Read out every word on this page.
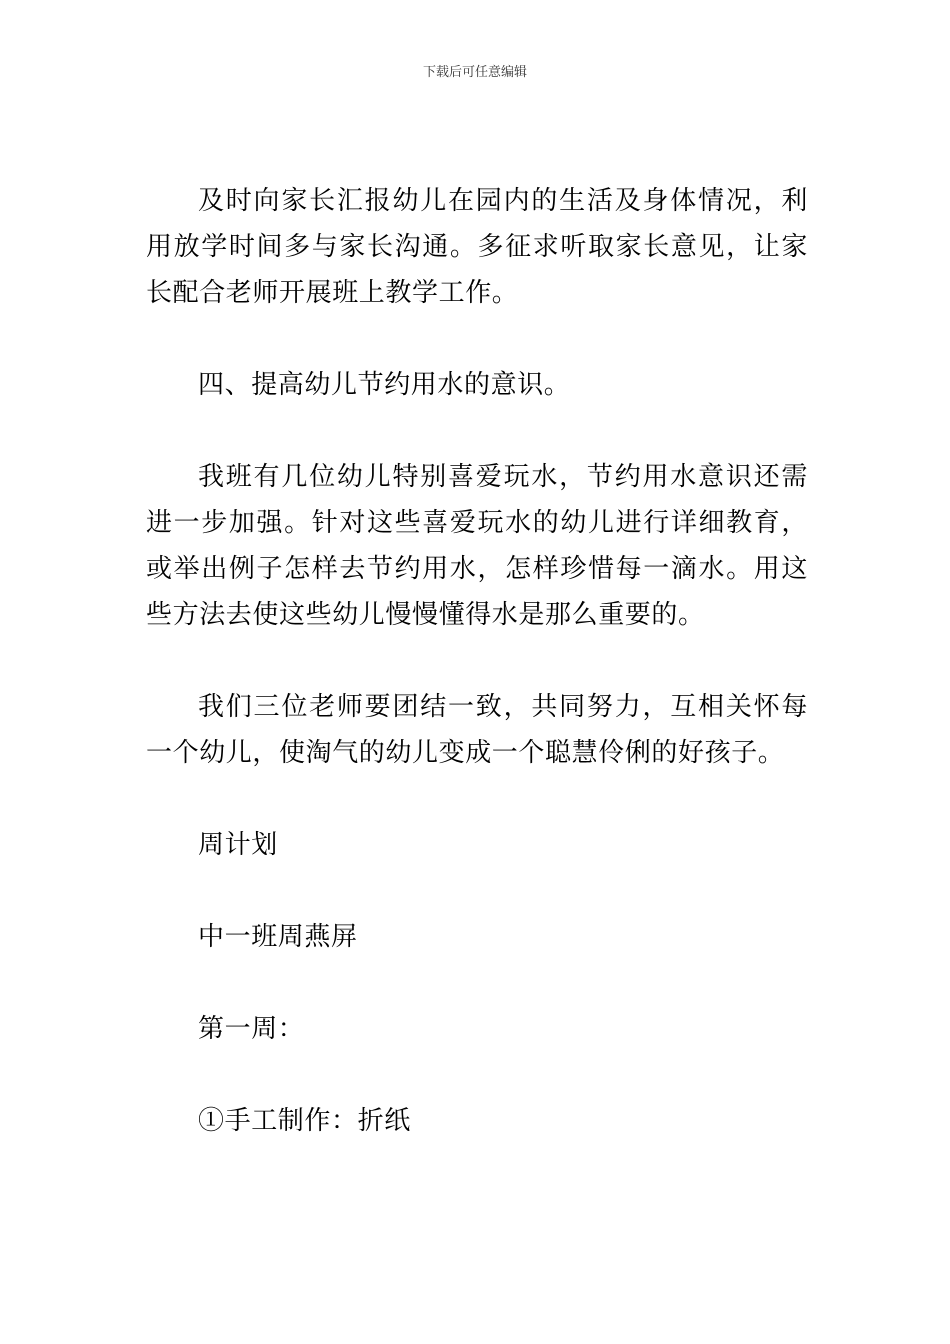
下载后可任意编辑

及时向家长汇报幼儿在园内的生活及身体情况，利用放学时间多与家长沟通。多征求听取家长意见，让家长配合老师开展班上教学工作。

四、提高幼儿节约用水的意识。

我班有几位幼儿特别喜爱玩水，节约用水意识还需进一步加强。针对这些喜爱玩水的幼儿进行详细教育，或举出例子怎样去节约用水，怎样珍惜每一滴水。用这些方法去使这些幼儿慢慢懂得水是那么重要的。

我们三位老师要团结一致，共同努力，互相关怀每一个幼儿，使淘气的幼儿变成一个聪慧伶俐的好孩子。

周计划

中一班周燕屏

第一周：

①手工制作：折纸
